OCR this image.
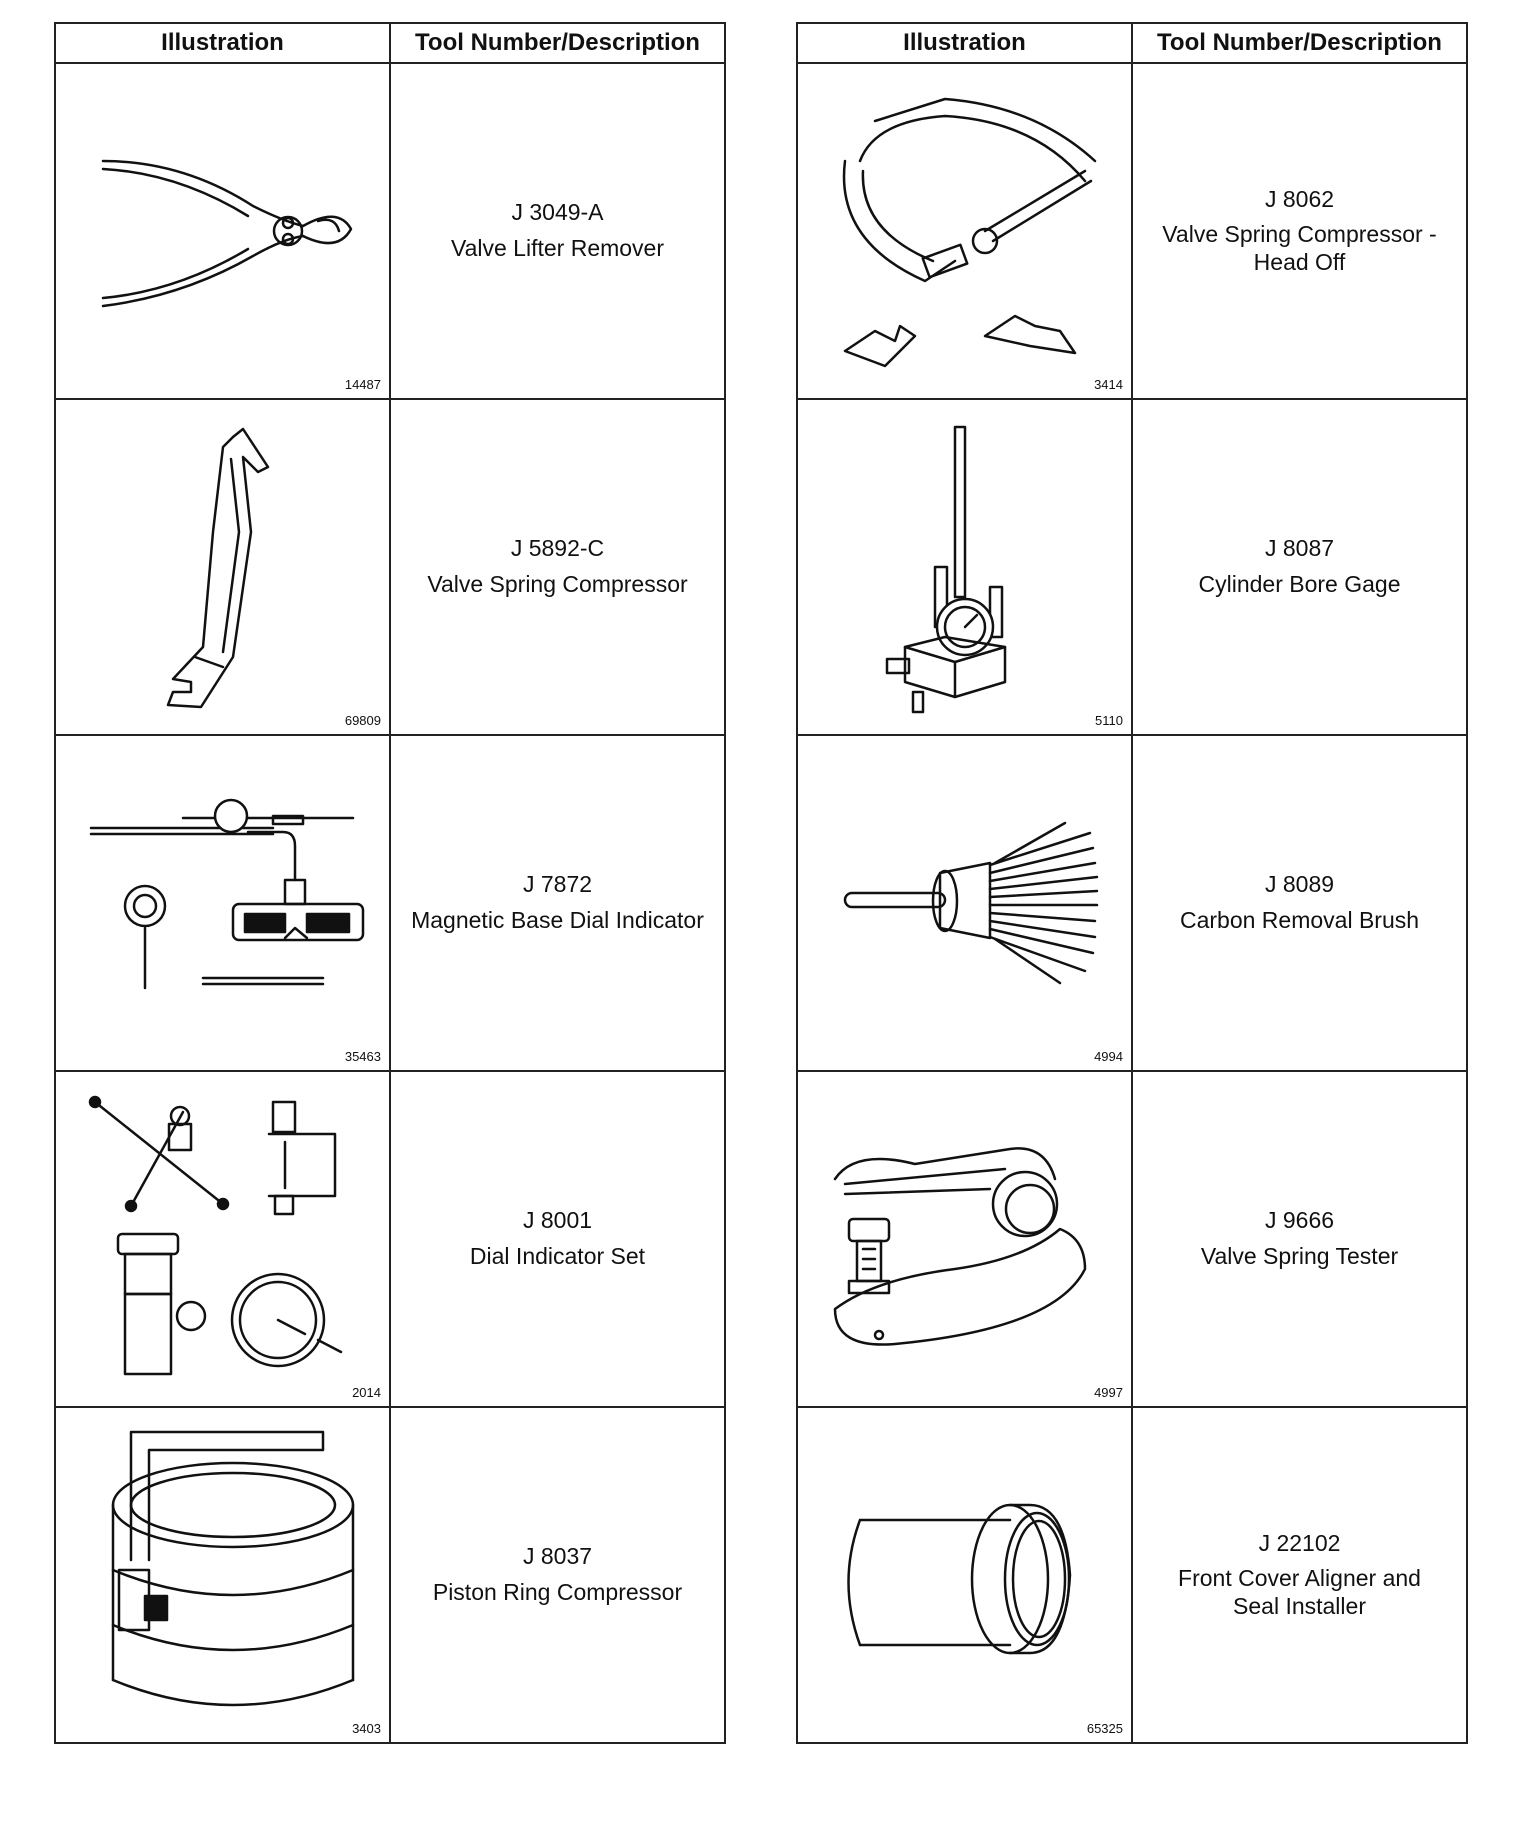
Illustration	Tool Number/Description

14487	J 3049-A
Valve Lifter Remover

69809	J 5892-C
Valve Spring Compressor

35463	J 7872
Magnetic Base Dial Indicator

2014	J 8001
Dial Indicator Set

3403	J 8037
Piston Ring Compressor
Illustration	Tool Number/Description

3414	J 8062
Valve Spring Compressor -
Head Off

5110	J 8087
Cylinder Bore Gage

4994	J 8089
Carbon Removal Brush

4997	J 9666
Valve Spring Tester

65325	J 22102
Front Cover Aligner and
Seal Installer
